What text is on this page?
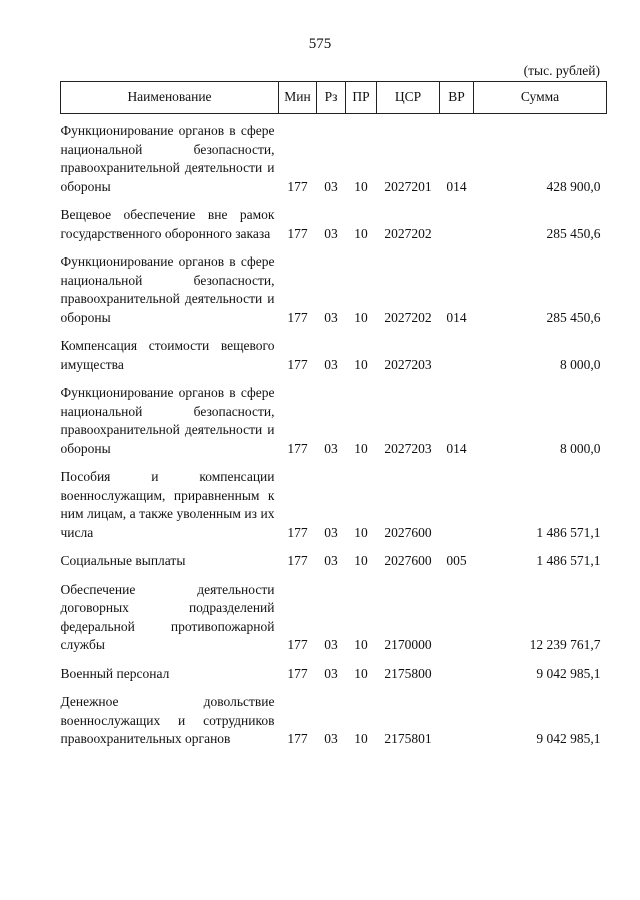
575
(тыс. рублей)
Наименование	Мин	Рз	ПР	ЦСР	ВР	Сумма
Функционирование органов в сфере национальной безопасности, правоохранительной деятельности и обороны	177	03	10	2027201	014	428 900,0
Вещевое обеспечение вне рамок государственного оборонного заказа	177	03	10	2027202		285 450,6
Функционирование органов в сфере национальной безопасности, правоохранительной деятельности и обороны	177	03	10	2027202	014	285 450,6
Компенсация стоимости вещевого имущества	177	03	10	2027203		8 000,0
Функционирование органов в сфере национальной безопасности, правоохранительной деятельности и обороны	177	03	10	2027203	014	8 000,0
Пособия и компенсации военнослужащим, приравненным к ним лицам, а также уволенным из их числа	177	03	10	2027600		1 486 571,1
Социальные выплаты	177	03	10	2027600	005	1 486 571,1
Обеспечение деятельности договорных подразделений федеральной противопожарной службы	177	03	10	2170000		12 239 761,7
Военный персонал	177	03	10	2175800		9 042 985,1
Денежное довольствие военнослужащих и сотрудников правоохранительных органов	177	03	10	2175801		9 042 985,1
